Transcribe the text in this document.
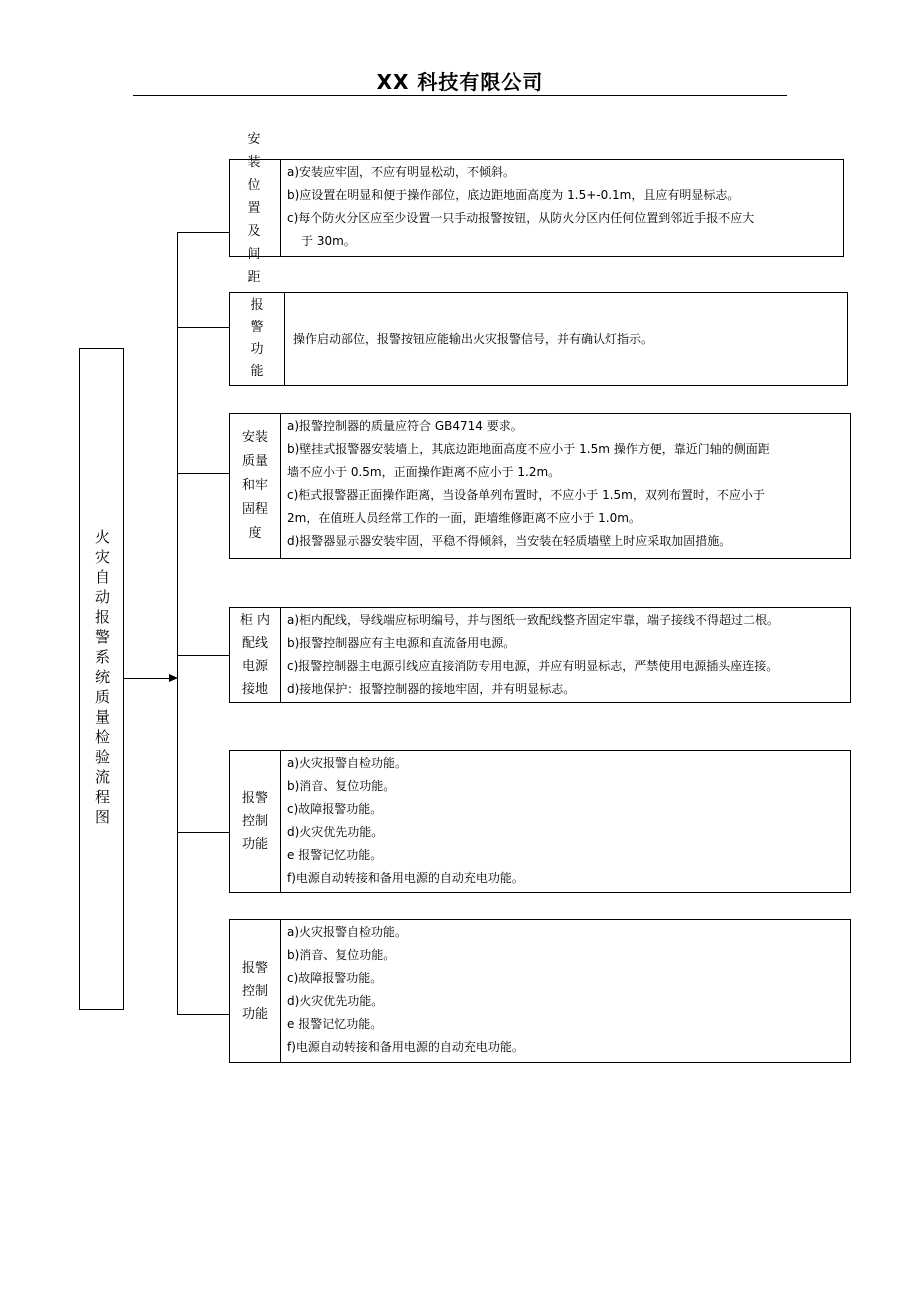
XX 科技有限公司
火灾自动报警系统质量检验流程图
安 装 位 置 及 间 距
a)安装应牢固，不应有明显松动，不倾斜。
b)应设置在明显和便于操作部位，底边距地面高度为 1.5+-0.1m，且应有明显标志。
c)每个防火分区应至少设置一只手动报警按钮，从防火分区内任何位置到邻近手报不应大
于 30m。
报 警 功 能
操作启动部位，报警按钮应能输出火灾报警信号，并有确认灯指示。
安装 质量 和牢 固程 度
a)报警控制器的质量应符合 GB4714 要求。
b)壁挂式报警器安装墙上，其底边距地面高度不应小于 1.5m 操作方便，靠近门轴的侧面距
墙不应小于 0.5m，正面操作距离不应小于 1.2m。
c)柜式报警器正面操作距离，当设备单列布置时，不应小于 1.5m，双列布置时，不应小于
2m，在值班人员经常工作的一面，距墙维修距离不应小于 1.0m。
d)报警器显示器安装牢固，平稳不得倾斜，当安装在轻质墙壁上时应采取加固措施。
柜 内 配线 电源 接地
a)柜内配线，导线端应标明编号，并与图纸一致配线整齐固定牢靠，端子接线不得超过二根。
b)报警控制器应有主电源和直流备用电源。
c)报警控制器主电源引线应直接消防专用电源，并应有明显标志，严禁使用电源插头座连接。
d)接地保护：报警控制器的接地牢固，并有明显标志。
报警 控制 功能
a)火灾报警自检功能。
b)消音、复位功能。
c)故障报警功能。
d)火灾优先功能。
e 报警记忆功能。
f)电源自动转接和备用电源的自动充电功能。
报警 控制 功能
a)火灾报警自检功能。
b)消音、复位功能。
c)故障报警功能。
d)火灾优先功能。
e 报警记忆功能。
f)电源自动转接和备用电源的自动充电功能。
